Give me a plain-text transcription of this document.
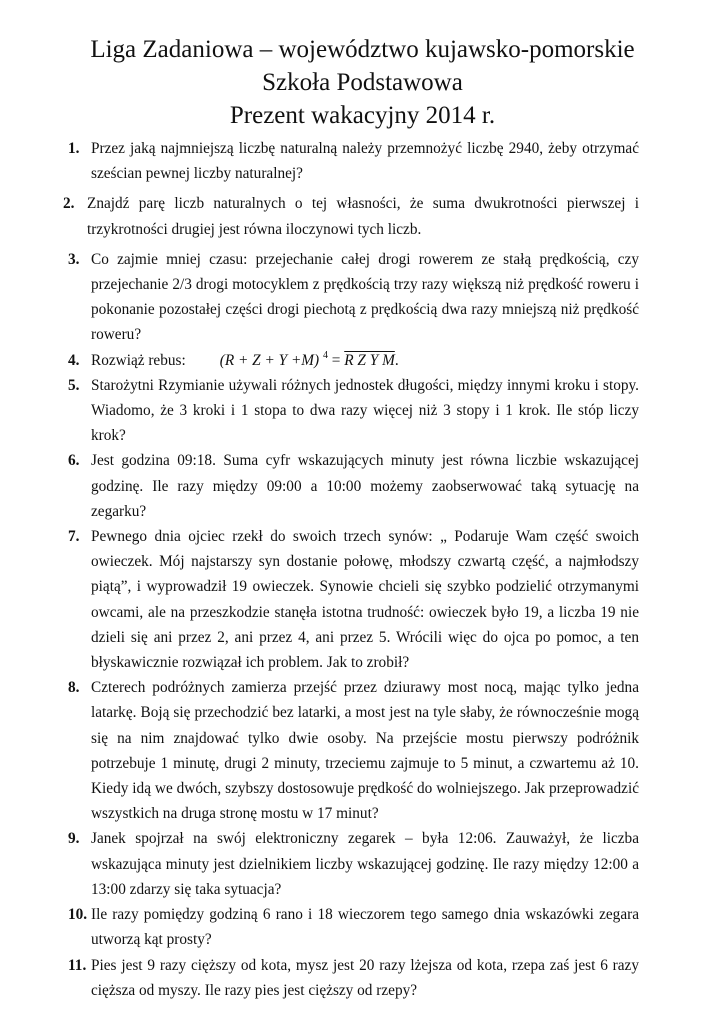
Liga Zadaniowa – województwo kujawsko-pomorskie
Szkoła Podstawowa
Prezent wakacyjny 2014 r.
1. Przez jaką najmniejszą liczbę naturalną należy przemnożyć liczbę 2940, żeby otrzymać sześcian pewnej liczby naturalnej?
2. Znajdź parę liczb naturalnych o tej własności, że suma dwukrotności pierwszej i trzykrotności drugiej jest równa iloczynowi tych liczb.
3. Co zajmie mniej czasu: przejechanie całej drogi rowerem ze stałą prędkością, czy przejechanie 2/3 drogi motocyklem z prędkością trzy razy większą niż prędkość roweru i pokonanie pozostałej części drogi piechotą z prędkością dwa razy mniejszą niż prędkość roweru?
4. Rozwiąż rebus: (R + Z + Y +M) $^4$ = R Z Y M.
5. Starożytni Rzymianie używali różnych jednostek długości, między innymi kroku i stopy. Wiadomo, że 3 kroki i 1 stopa to dwa razy więcej niż 3 stopy i 1 krok. Ile stóp liczy krok?
6. Jest godzina 09:18. Suma cyfr wskazujących minuty jest równa liczbie wskazującej godzinę. Ile razy między 09:00 a 10:00 możemy zaobserwować taką sytuację na zegarku?
7. Pewnego dnia ojciec rzekł do swoich trzech synów: „ Podaruje Wam część swoich owieczek. Mój najstarszy syn dostanie połowę, młodszy czwartą część, a najmłodszy piątą”, i wyprowadził 19 owieczek. Synowie chcieli się szybko podzielić otrzymanymi owcami, ale na przeszkodzie stanęła istotna trudność: owieczek było 19, a liczba 19 nie dzieli się ani przez 2, ani przez 4, ani przez 5. Wrócili więc do ojca po pomoc, a ten błyskawicznie rozwiązał ich problem. Jak to zrobił?
8. Czterech podróżnych zamierza przejść przez dziurawy most nocą, mając tylko jedna latarkę. Boją się przechodzić bez latarki, a most jest na tyle słaby, że równocześnie mogą się na nim znajdować tylko dwie osoby. Na przejście mostu pierwszy podróżnik potrzebuje 1 minutę, drugi 2 minuty, trzeciemu zajmuje to 5 minut, a czwartemu aż 10. Kiedy idą we dwóch, szybszy dostosowuje prędkość do wolniejszego. Jak przeprowadzić wszystkich na druga stronę mostu w 17 minut?
9. Janek spojrzał na swój elektroniczny zegarek – była 12:06. Zauważył, że liczba wskazująca minuty jest dzielnikiem liczby wskazującej godzinę. Ile razy między 12:00 a 13:00 zdarzy się taka sytuacja?
10. Ile razy pomiędzy godziną 6 rano i 18 wieczorem tego samego dnia wskazówki zegara utworzą kąt prosty?
11. Pies jest 9 razy cięższy od kota, mysz jest 20 razy lżejsza od kota, rzepa zaś jest 6 razy cięższa od myszy. Ile razy pies jest cięższy od rzepy?
